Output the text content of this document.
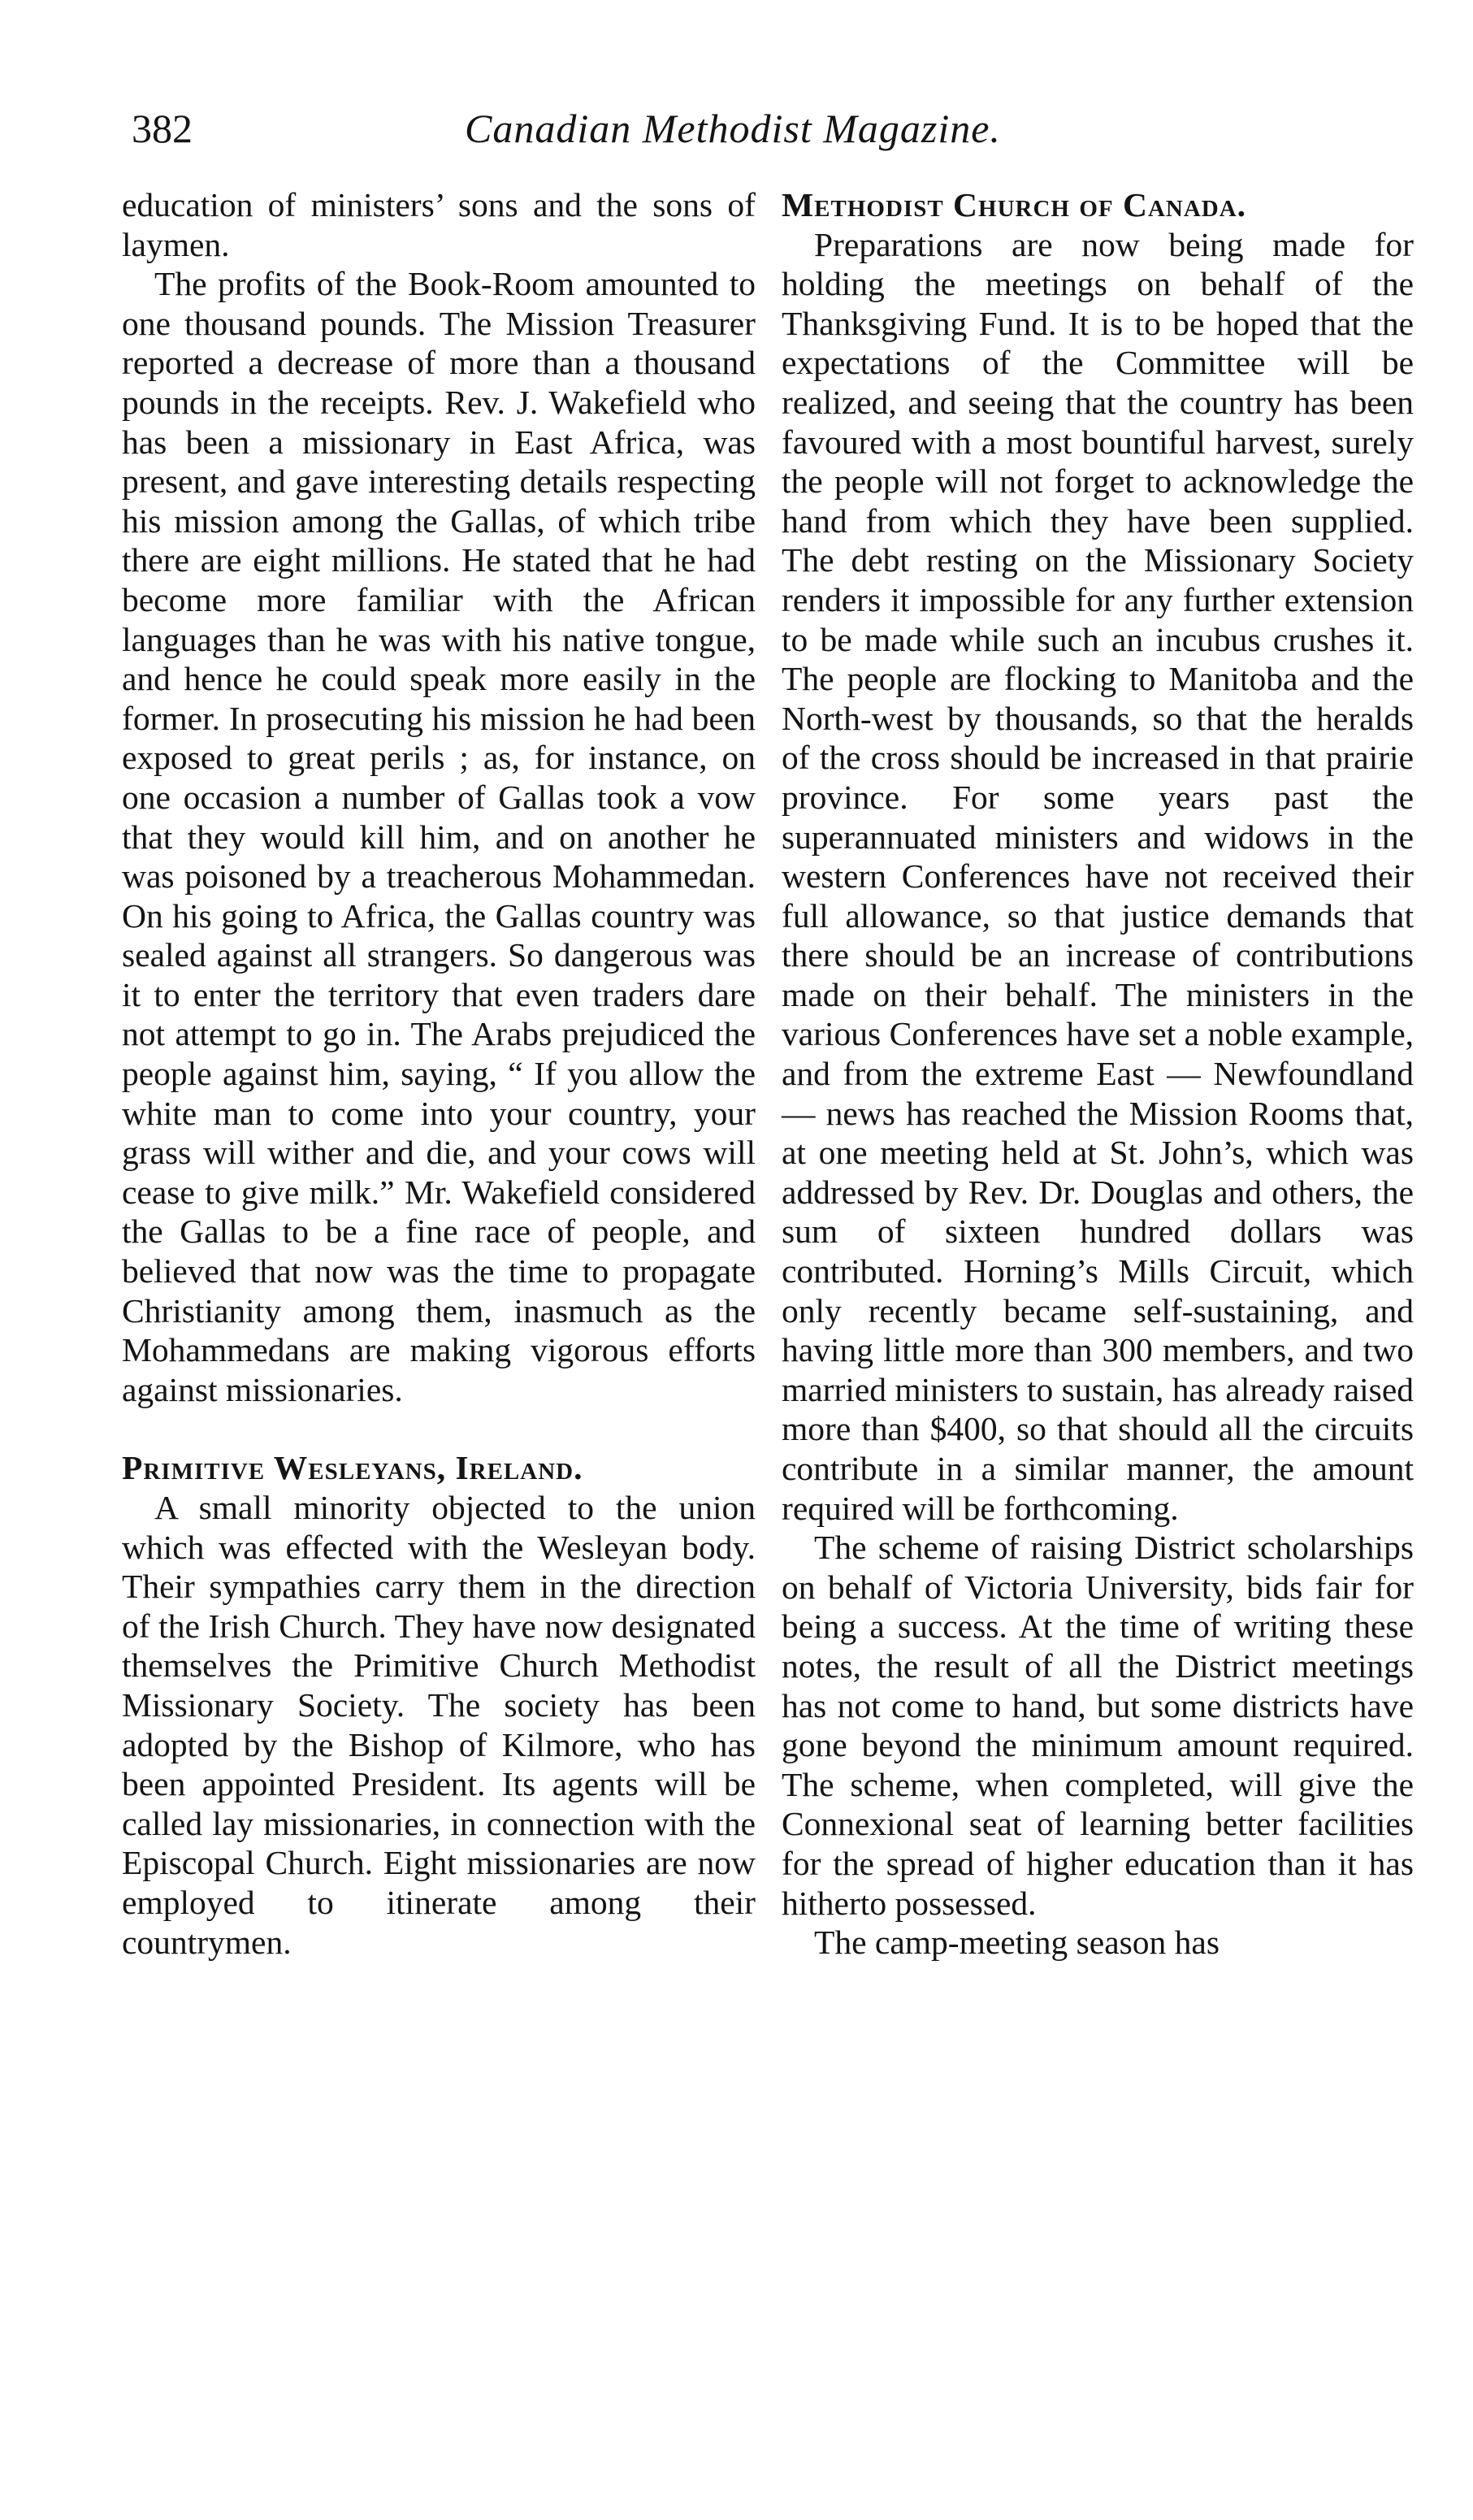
382	Canadian Methodist Magazine.

education of ministers’ sons and the sons of laymen.

The profits of the Book-Room amounted to one thousand pounds. The Mission Treasurer reported a decrease of more than a thousand pounds in the receipts. Rev. J. Wakefield who has been a missionary in East Africa, was present, and gave interesting details respecting his mission among the Gallas, of which tribe there are eight millions. He stated that he had become more familiar with the African languages than he was with his native tongue, and hence he could speak more easily in the former. In prosecuting his mission he had been exposed to great perils ; as, for instance, on one occasion a number of Gallas took a vow that they would kill him, and on another he was poisoned by a treacherous Mohammedan. On his going to Africa, the Gallas country was sealed against all strangers. So dangerous was it to enter the territory that even traders dare not attempt to go in. The Arabs prejudiced the people against him, saying, “ If you allow the white man to come into your country, your grass will wither and die, and your cows will cease to give milk.” Mr. Wakefield considered the Gallas to be a fine race of people, and believed that now was the time to propagate Christianity among them, inasmuch as the Mohammedans are making vigorous efforts against missionaries.

Primitive Wesleyans, Ireland.

A small minority objected to the union which was effected with the Wesleyan body. Their sympathies carry them in the direction of the Irish Church. They have now designated themselves the Primitive Church Methodist Missionary Society. The society has been adopted by the Bishop of Kilmore, who has been appointed President. Its agents will be called lay missionaries, in connection with the Episcopal Church. Eight missionaries are now employed to itinerate among their countrymen.

Methodist Church of Canada.

Preparations are now being made for holding the meetings on behalf of the Thanksgiving Fund. It is to be hoped that the expectations of the Committee will be realized, and seeing that the country has been favoured with a most bountiful harvest, surely the people will not forget to acknowledge the hand from which they have been supplied. The debt resting on the Missionary Society renders it impossible for any further extension to be made while such an incubus crushes it. The people are flocking to Manitoba and the North-west by thousands, so that the heralds of the cross should be increased in that prairie province. For some years past the superannuated ministers and widows in the western Conferences have not received their full allowance, so that justice demands that there should be an increase of contributions made on their behalf. The ministers in the various Conferences have set a noble example, and from the extreme East — Newfoundland — news has reached the Mission Rooms that, at one meeting held at St. John’s, which was addressed by Rev. Dr. Douglas and others, the sum of sixteen hundred dollars was contributed. Horning’s Mills Circuit, which only recently became self-sustaining, and having little more than 300 members, and two married ministers to sustain, has already raised more than $400, so that should all the circuits contribute in a similar manner, the amount required will be forthcoming.

The scheme of raising District scholarships on behalf of Victoria University, bids fair for being a success. At the time of writing these notes, the result of all the District meetings has not come to hand, but some districts have gone beyond the minimum amount required. The scheme, when completed, will give the Connexional seat of learning better facilities for the spread of higher education than it has hitherto possessed.

The camp-meeting season has
